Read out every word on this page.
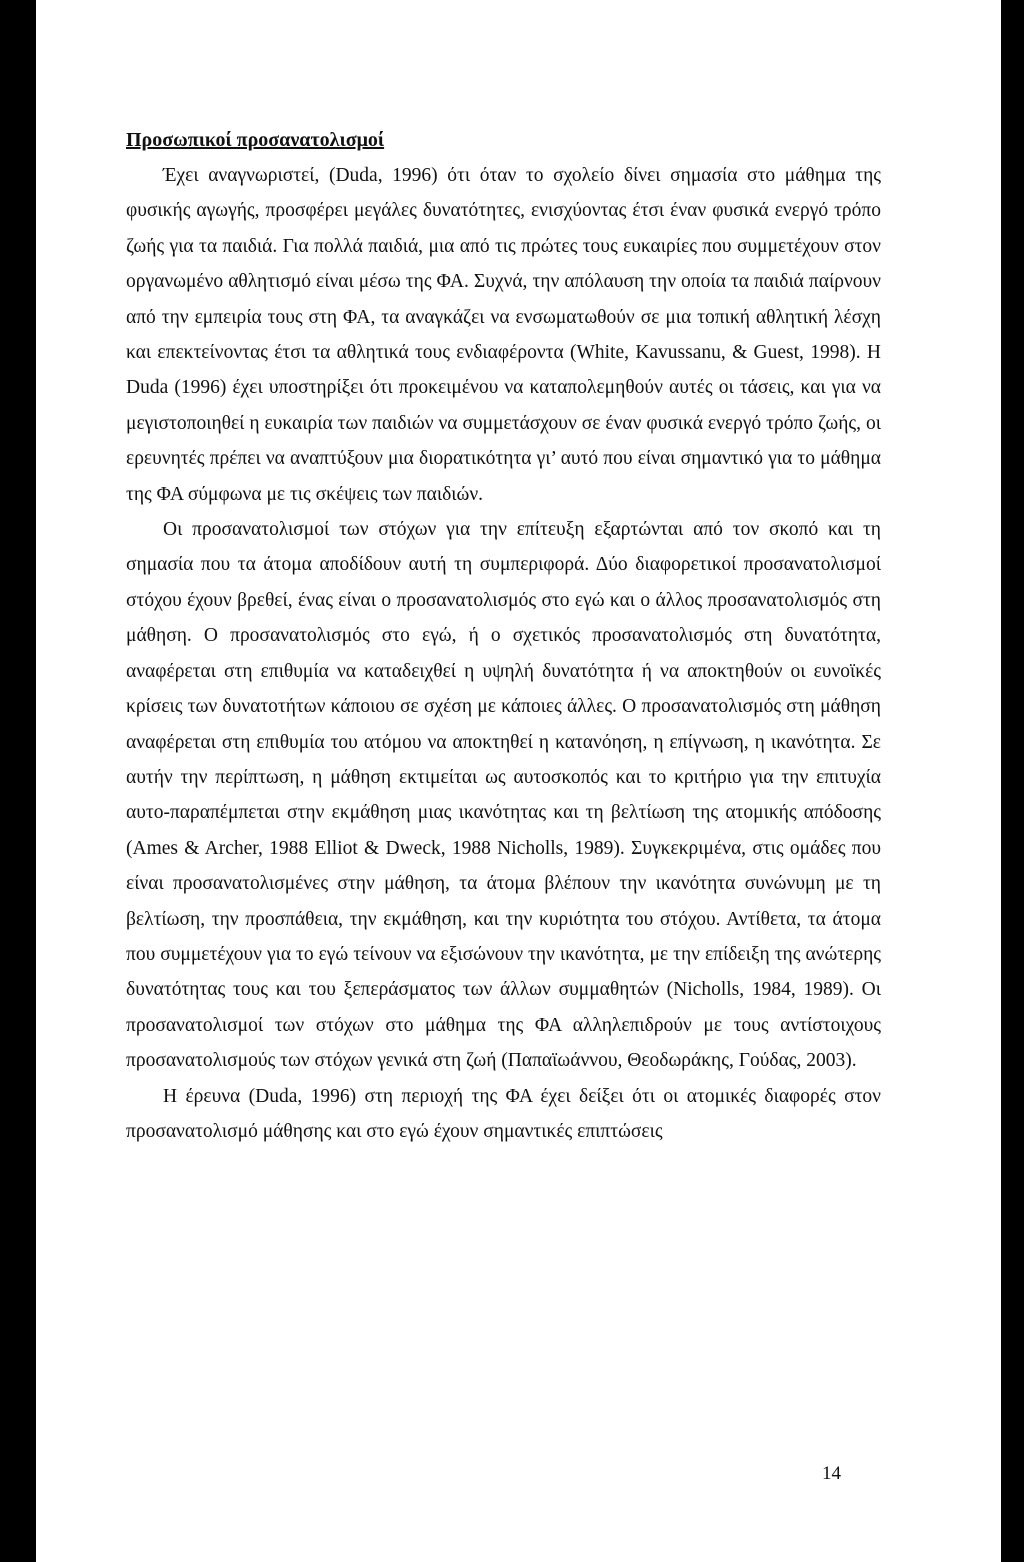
Προσωπικοί προσανατολισμοί

Έχει αναγνωριστεί, (Duda, 1996) ότι όταν το σχολείο δίνει σημασία στο μάθημα της φυσικής αγωγής, προσφέρει μεγάλες δυνατότητες, ενισχύοντας έτσι έναν φυσικά ενεργό τρόπο ζωής για τα παιδιά. Για πολλά παιδιά, μια από τις πρώτες τους ευκαιρίες που συμμετέχουν στον οργανωμένο αθλητισμό είναι μέσω της ΦΑ. Συχνά, την απόλαυση την οποία τα παιδιά παίρνουν από την εμπειρία τους στη ΦΑ, τα αναγκάζει να ενσωματωθούν σε μια τοπική αθλητική λέσχη και επεκτείνοντας έτσι τα αθλητικά τους ενδιαφέροντα (White, Kavussanu, & Guest, 1998). Η Duda (1996) έχει υποστηρίξει ότι προκειμένου να καταπολεμηθούν αυτές οι τάσεις, και για να μεγιστοποιηθεί η ευκαιρία των παιδιών να συμμετάσχουν σε έναν φυσικά ενεργό τρόπο ζωής, οι ερευνητές πρέπει να αναπτύξουν μια διορατικότητα γι’ αυτό που είναι σημαντικό για το μάθημα της ΦΑ σύμφωνα με τις σκέψεις των παιδιών.

Οι προσανατολισμοί των στόχων για την επίτευξη εξαρτώνται από τον σκοπό και τη σημασία που τα άτομα αποδίδουν αυτή τη συμπεριφορά. Δύο διαφορετικοί προσανατολισμοί στόχου έχουν βρεθεί, ένας είναι ο προσανατολισμός στο εγώ και ο άλλος προσανατολισμός στη μάθηση. Ο προσανατολισμός στο εγώ, ή ο σχετικός προσανατολισμός στη δυνατότητα, αναφέρεται στη επιθυμία να καταδειχθεί η υψηλή δυνατότητα ή να αποκτηθούν οι ευνοϊκές κρίσεις των δυνατοτήτων κάποιου σε σχέση με κάποιες άλλες. Ο προσανατολισμός στη μάθηση αναφέρεται στη επιθυμία του ατόμου να αποκτηθεί η κατανόηση, η επίγνωση, η ικανότητα. Σε αυτήν την περίπτωση, η μάθηση εκτιμείται ως αυτοσκοπός και το κριτήριο για την επιτυχία αυτο-παραπέμπεται στην εκμάθηση μιας ικανότητας και τη βελτίωση της ατομικής απόδοσης (Ames & Archer, 1988 Elliot & Dweck, 1988 Nicholls, 1989). Συγκεκριμένα, στις ομάδες που είναι προσανατολισμένες στην μάθηση, τα άτομα βλέπουν την ικανότητα συνώνυμη με τη βελτίωση, την προσπάθεια, την εκμάθηση, και την κυριότητα του στόχου. Αντίθετα, τα άτομα που συμμετέχουν για το εγώ τείνουν να εξισώνουν την ικανότητα, με την επίδειξη της ανώτερης δυνατότητας τους και του ξεπεράσματος των άλλων συμμαθητών (Nicholls, 1984, 1989). Οι προσανατολισμοί των στόχων στο μάθημα της ΦΑ αλληλεπιδρούν με τους αντίστοιχους προσανατολισμούς των στόχων γενικά στη ζωή (Παπαϊωάννου, Θεοδωράκης, Γούδας, 2003).

Η έρευνα (Duda, 1996) στη περιοχή της ΦΑ έχει δείξει ότι οι ατομικές διαφορές στον προσανατολισμό μάθησης και στο εγώ έχουν σημαντικές επιπτώσεις

14
